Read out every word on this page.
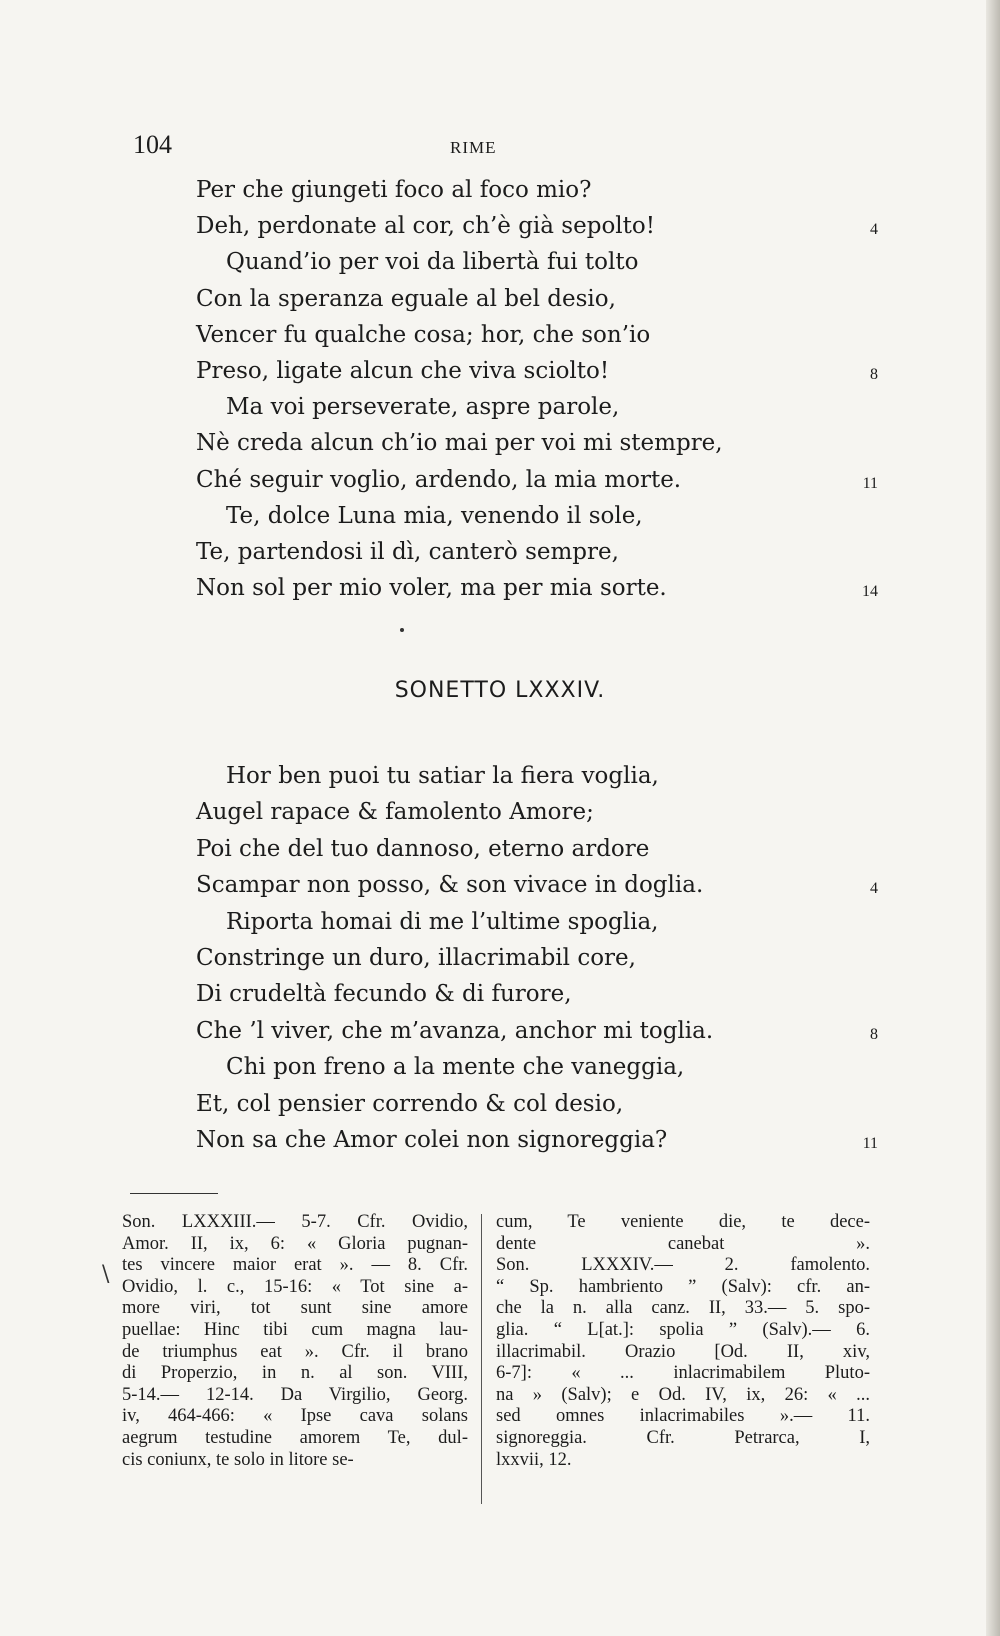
104	RIME
Per che giungeti foco al foco mio?
Deh, perdonate al cor, ch’è già sepolto!	4
Quand’io per voi da libertà fui tolto
Con la speranza eguale al bel desio,
Vencer fu qualche cosa; hor, che son’io
Preso, ligate alcun che viva sciolto!	8
Ma voi perseverate, aspre parole,
Nè creda alcun ch’io mai per voi mi stempre,
Ché seguir voglio, ardendo, la mia morte.	11
Te, dolce Luna mia, venendo il sole,
Te, partendosi il dì, canterò sempre,
Non sol per mio voler, ma per mia sorte.	14
SONETTO LXXXIV.
Hor ben puoi tu satiar la fiera voglia,
Augel rapace & famolento Amore;
Poi che del tuo dannoso, eterno ardore
Scampar non posso, & son vivace in doglia.	4
Riporta homai di me l’ultime spoglia,
Constringe un duro, illacrimabil core,
Di crudeltà fecundo & di furore,
Che ’l viver, che m’avanza, anchor mi toglia.	8
Chi pon freno a la mente che vaneggia,
Et, col pensier correndo & col desio,
Non sa che Amor colei non signoreggia?	11
\
Son. LXXXIII.— 5-7. Cfr. Ovidio,
Amor. II, ix, 6: « Gloria pugnan-
tes vincere maior erat ». — 8. Cfr.
Ovidio, l. c., 15-16: « Tot sine a-
more viri, tot sunt sine amore
puellae: Hinc tibi cum magna lau-
de triumphus eat ». Cfr. il brano
di Properzio, in n. al son. VIII,
5-14.— 12-14. Da Virgilio, Georg.
iv, 464-466: « Ipse cava solans
aegrum testudine amorem Te, dul-
cis coniunx, te solo in litore se-
cum, Te veniente die, te dece-
dente canebat ».
Son. LXXXIV.— 2. famolento.
“ Sp. hambriento ” (Salv): cfr. an-
che la n. alla canz. II, 33.— 5. spo-
glia. “ L[at.]: spolia ” (Salv).— 6.
illacrimabil. Orazio [Od. II, xiv,
6-7]: « ... inlacrimabilem Pluto-
na » (Salv); e Od. IV, ix, 26: « ...
sed omnes inlacrimabiles ».— 11.
signoreggia. Cfr. Petrarca, I,
lxxvii, 12.
